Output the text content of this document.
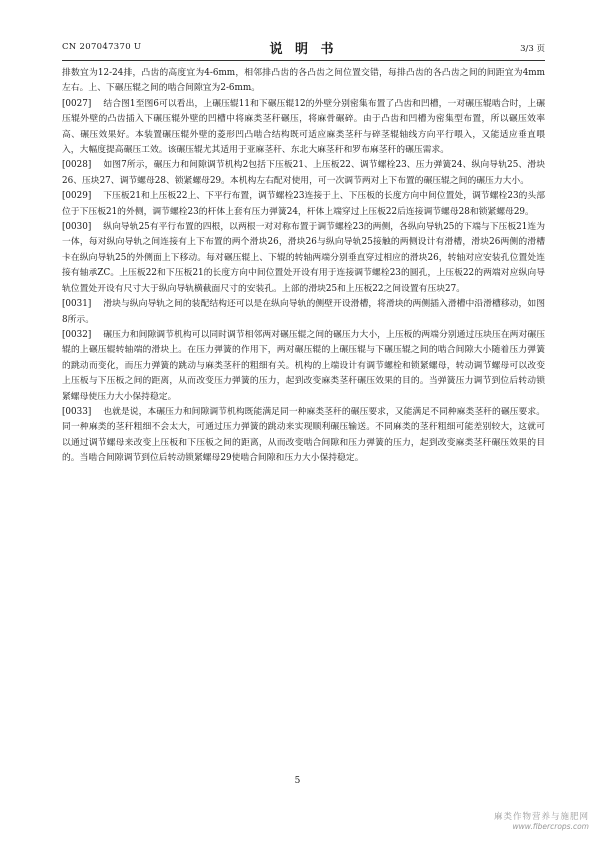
CN 207047370 U	说 明 书	3/3 页

排数宜为12-24排，凸齿的高度宜为4-6mm，相邻排凸齿的各凸齿之间位置交错，每排凸齿的各凸齿之间的间距宜为4mm左右。上、下碾压辊之间的啮合间隙宜为2-6mm。

[0027] 结合图1至图6可以看出，上碾压辊11和下碾压辊12的外壁分别密集布置了凸齿和凹槽，一对碾压辊啮合时，上碾压辊外壁的凸齿插入下碾压辊外壁的凹槽中将麻类茎秆碾压，将麻骨碾碎。由于凸齿和凹槽为密集型布置，所以碾压效率高、碾压效果好。本装置碾压辊外壁的菱形凹凸啮合结构既可适应麻类茎秆与碎茎辊轴线方向平行喂入，又能适应垂直喂入，大幅度提高碾压工效。该碾压辊尤其适用于亚麻茎秆、东北大麻茎秆和罗布麻茎秆的碾压需求。

[0028] 如图7所示，碾压力和间隙调节机构2包括下压板21、上压板22、调节螺栓23、压力弹簧24、纵向导轨25、滑块26、压块27、调节螺母28、锁紧螺母29。本机构左右配对使用，可一次调节两对上下布置的碾压辊之间的碾压力大小。

[0029] 下压板21和上压板22上、下平行布置，调节螺栓23连接于上、下压板的长度方向中间位置处，调节螺栓23的头部位于下压板21的外侧，调节螺栓23的杆体上套有压力弹簧24，杆体上端穿过上压板22后连接调节螺母28和锁紧螺母29。

[0030] 纵向导轨25有平行布置的四根，以两根一对对称布置于调节螺栓23的两侧，各纵向导轨25的下端与下压板21连为一体，每对纵向导轨之间连接有上下布置的两个滑块26，滑块26与纵向导轨25接触的两侧设计有滑槽，滑块26两侧的滑槽卡在纵向导轨25的外侧面上下移动。每对碾压辊上、下辊的转轴两端分别垂直穿过相应的滑块26，转轴对应安装孔位置处连接有轴承ZC。上压板22和下压板21的长度方向中间位置处开设有用于连接调节螺栓23的圆孔，上压板22的两端对应纵向导轨位置处开设有尺寸大于纵向导轨横截面尺寸的安装孔。上部的滑块25和上压板22之间设置有压块27。

[0031] 滑块与纵向导轨之间的装配结构还可以是在纵向导轨的侧壁开设滑槽，将滑块的两侧插入滑槽中沿滑槽移动，如图8所示。

[0032] 碾压力和间隙调节机构可以同时调节相邻两对碾压辊之间的碾压力大小，上压板的两端分别通过压块压在两对碾压辊的上碾压辊转轴端的滑块上。在压力弹簧的作用下，两对碾压辊的上碾压辊与下碾压辊之间的啮合间隙大小随着压力弹簧的跳动而变化，而压力弹簧的跳动与麻类茎秆的粗细有关。机构的上端设计有调节螺栓和锁紧螺母，转动调节螺母可以改变上压板与下压板之间的距离，从而改变压力弹簧的压力，起到改变麻类茎秆碾压效果的目的。当弹簧压力调节到位后转动锁紧螺母使压力大小保持稳定。

[0033] 也就是说，本碾压力和间隙调节机构既能满足同一种麻类茎秆的碾压要求，又能满足不同种麻类茎秆的碾压要求。同一种麻类的茎秆粗细不会太大，可通过压力弹簧的跳动来实现顺利碾压输送。不同麻类的茎秆粗细可能差别较大，这就可以通过调节螺母来改变上压板和下压板之间的距离，从而改变啮合间隙和压力弹簧的压力，起到改变麻类茎秆碾压效果的目的。当啮合间隙调节到位后转动锁紧螺母29使啮合间隙和压力大小保持稳定。

5
麻类作物营养与施肥网
www.fibercrops.com
